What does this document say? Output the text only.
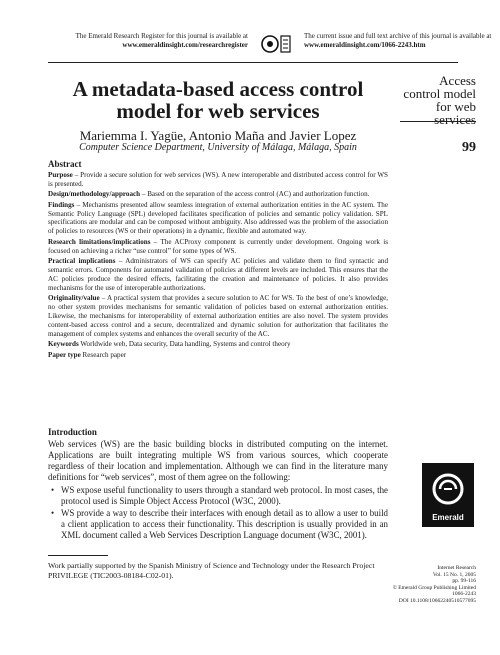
The Emerald Research Register for this journal is available at
www.emeraldinsight.com/researchregister
The current issue and full text archive of this journal is available at
www.emeraldinsight.com/1066-2243.htm
A metadata-based access control model for web services
Mariemma I. Yagüe, Antonio Maña and Javier Lopez
Computer Science Department, University of Málaga, Málaga, Spain
Access control model for web services
99
Abstract

Purpose – Provide a secure solution for web services (WS). A new interoperable and distributed access control for WS is presented.

Design/methodology/approach – Based on the separation of the access control (AC) and authorization function.

Findings – Mechanisms presented allow seamless integration of external authorization entities in the AC system. The Semantic Policy Language (SPL) developed facilitates specification of policies and semantic policy validation. SPL specifications are modular and can be composed without ambiguity. Also addressed was the problem of the association of policies to resources (WS or their operations) in a dynamic, flexible and automated way.

Research limitations/implications – The ACProxy component is currently under development. Ongoing work is focused on achieving a richer “use control” for some types of WS.

Practical implications – Administrators of WS can specify AC policies and validate them to find syntactic and semantic errors. Components for automated validation of policies at different levels are included. This ensures that the AC policies produce the desired effects, facilitating the creation and maintenance of policies. It also provides mechanisms for the use of interoperable authorizations.

Originality/value – A practical system that provides a secure solution to AC for WS. To the best of one’s knowledge, no other system provides mechanisms for semantic validation of policies based on external authorization entities. Likewise, the mechanisms for interoperability of external authorization entities are also novel. The system provides content-based access control and a secure, decentralized and dynamic solution for authorization that facilitates the management of complex systems and enhances the overall security of the AC.

Keywords Worldwide web, Data security, Data handling, Systems and control theory

Paper type Research paper

Introduction

Web services (WS) are the basic building blocks in distributed computing on the internet. Applications are built integrating multiple WS from various sources, which cooperate regardless of their location and implementation. Although we can find in the literature many definitions for “web services”, most of them agree on the following:

• WS expose useful functionality to users through a standard web protocol. In most cases, the protocol used is Simple Object Access Protocol (W3C, 2000).
• WS provide a way to describe their interfaces with enough detail as to allow a user to build a client application to access their functionality. This description is usually provided in an XML document called a Web Services Description Language document (W3C, 2001).
Work partially supported by the Spanish Ministry of Science and Technology under the Research Project PRIVILEGE (TIC2003-08184-C02-01).
Emerald
Internet Research
Vol. 15 No. 1, 2005
pp. 99-116
© Emerald Group Publishing Limited
1066-2243
DOI 10.1108/10662240510577095
